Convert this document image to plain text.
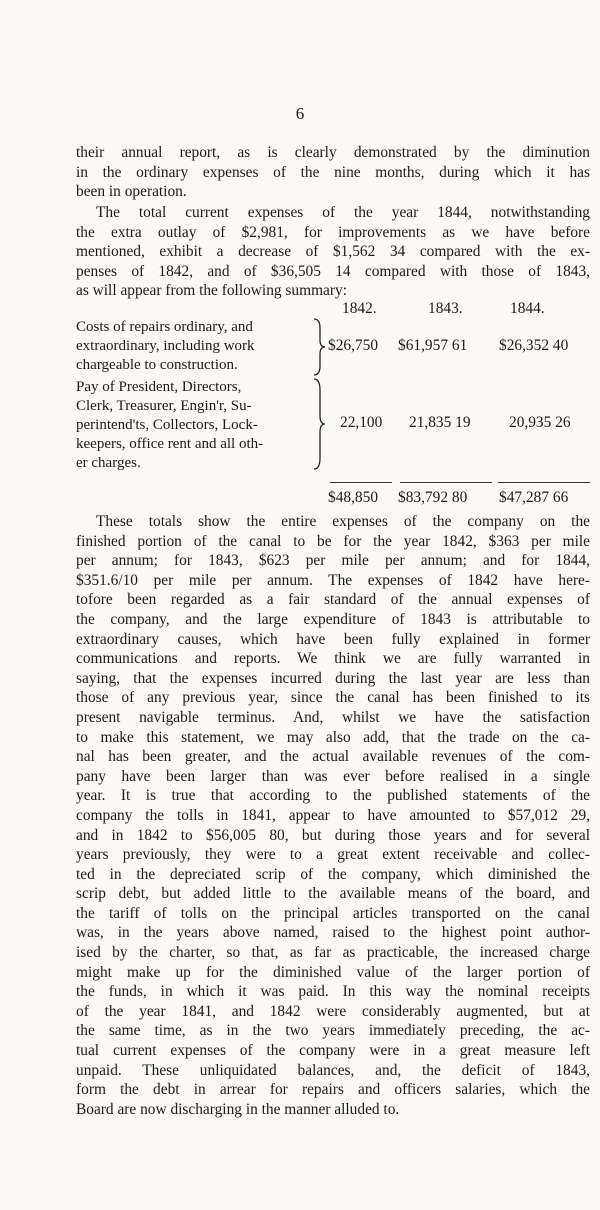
6
their annual report, as is clearly demonstrated by the diminution
in the ordinary expenses of the nine months, during which it has
been in operation.
The total current expenses of the year 1844, notwithstanding
the extra outlay of $2,981, for improvements as we have before
mentioned, exhibit a decrease of $1,562 34 compared with the ex-
penses of 1842, and of $36,505 14 compared with those of 1843,
as will appear from the following summary:
1842.	1843.	1844.
Costs of repairs ordinary, and
extraordinary, including work
chargeable to construction.
$26,750 $61,957 61 $26,352 40
Pay of President, Directors,
Clerk, Treasurer, Engin'r, Su-
perintend'ts, Collectors, Lock-
keepers, office rent and all oth-
er charges.
22,100 21,835 19 20,935 26
$48,850 $83,792 80 $47,287 66
These totals show the entire expenses of the company on the
finished portion of the canal to be for the year 1842, $363 per mile
per annum; for 1843, $623 per mile per annum; and for 1844,
$351.6/10 per mile per annum. The expenses of 1842 have here-
tofore been regarded as a fair standard of the annual expenses of
the company, and the large expenditure of 1843 is attributable to
extraordinary causes, which have been fully explained in former
communications and reports. We think we are fully warranted in
saying, that the expenses incurred during the last year are less than
those of any previous year, since the canal has been finished to its
present navigable terminus. And, whilst we have the satisfaction
to make this statement, we may also add, that the trade on the ca-
nal has been greater, and the actual available revenues of the com-
pany have been larger than was ever before realised in a single
year. It is true that according to the published statements of the
company the tolls in 1841, appear to have amounted to $57,012 29,
and in 1842 to $56,005 80, but during those years and for several
years previously, they were to a great extent receivable and collec-
ted in the depreciated scrip of the company, which diminished the
scrip debt, but added little to the available means of the board, and
the tariff of tolls on the principal articles transported on the canal
was, in the years above named, raised to the highest point author-
ised by the charter, so that, as far as practicable, the increased charge
might make up for the diminished value of the larger portion of
the funds, in which it was paid. In this way the nominal receipts
of the year 1841, and 1842 were considerably augmented, but at
the same time, as in the two years immediately preceding, the ac-
tual current expenses of the company were in a great measure left
unpaid. These unliquidated balances, and, the deficit of 1843,
form the debt in arrear for repairs and officers salaries, which the
Board are now discharging in the manner alluded to.
